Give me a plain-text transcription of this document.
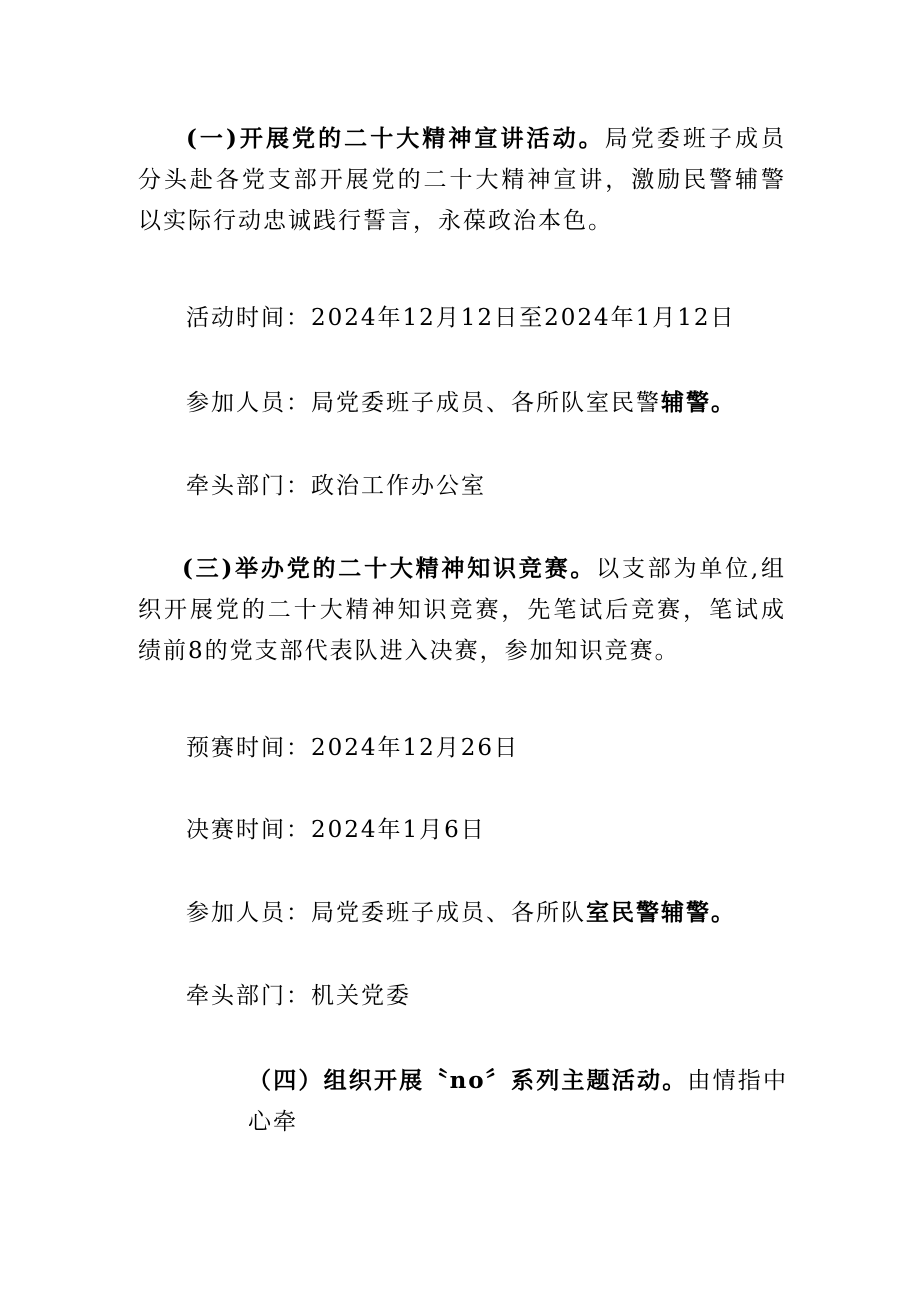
(一)开展党的二十大精神宣讲活动。局党委班子成员分头赴各党支部开展党的二十大精神宣讲，激励民警辅警以实际行动忠诚践行誓言，永葆政治本色。

活动时间：2024年12月12日至2024年1月12日

参加人员：局党委班子成员、各所队室民警辅警。

牵头部门：政治工作办公室

(三)举办党的二十大精神知识竞赛。以支部为单位,组织开展党的二十大精神知识竞赛，先笔试后竞赛，笔试成绩前8的党支部代表队进入决赛，参加知识竞赛。

预赛时间：2024年12月26日

决赛时间：2024年1月6日

参加人员：局党委班子成员、各所队室民警辅警。

牵头部门：机关党委

（四）组织开展〝no〞系列主题活动。由情指中心牵
